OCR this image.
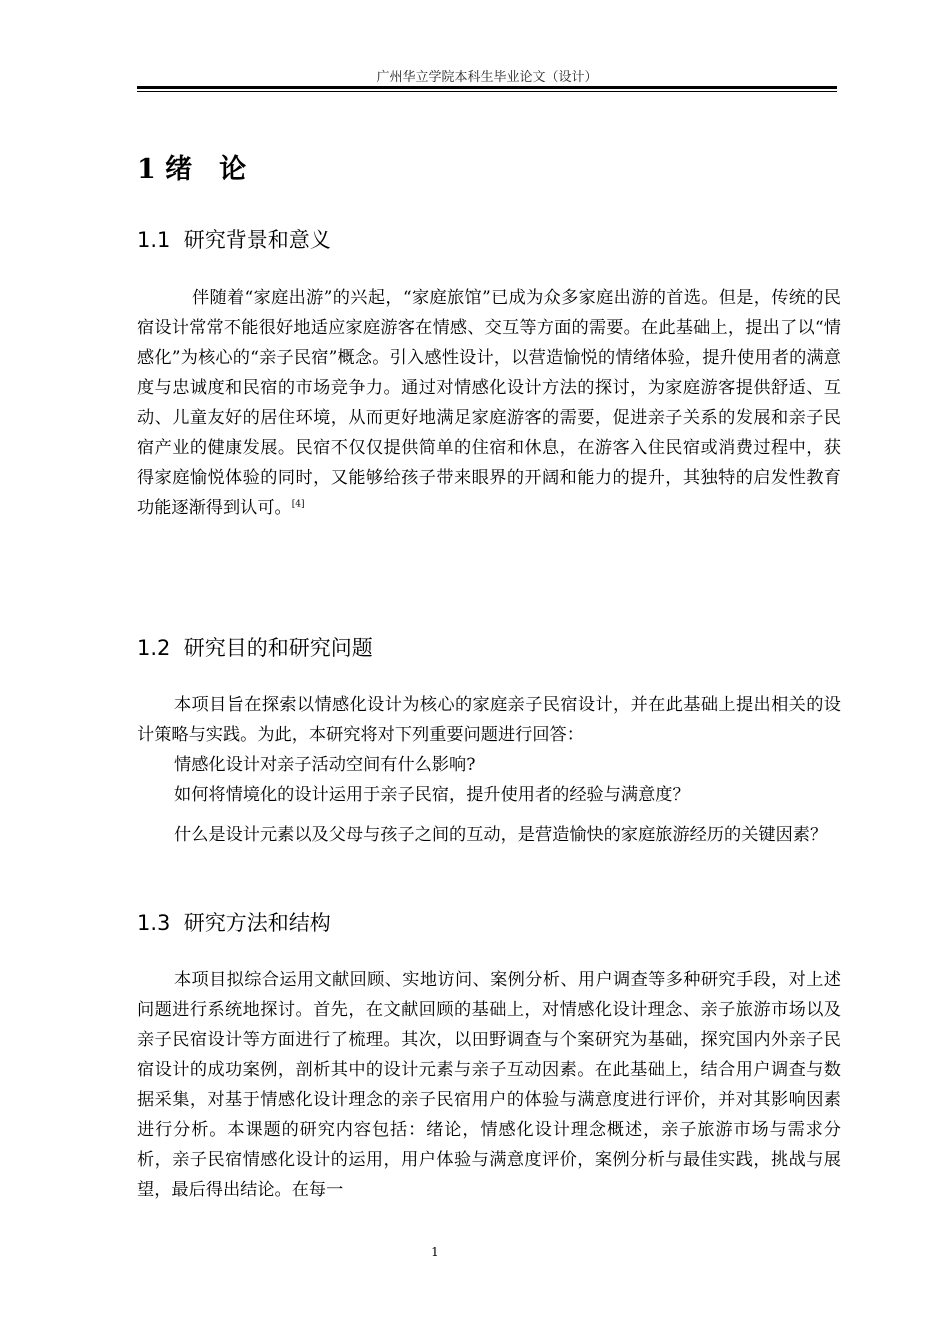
广州华立学院本科生毕业论文（设计）
1 绪　论
1.1  研究背景和意义

伴随着“家庭出游”的兴起，“家庭旅馆”已成为众多家庭出游的首选。但是，传统的民宿设计常常不能很好地适应家庭游客在情感、交互等方面的需要。在此基础上，提出了以“情感化”为核心的“亲子民宿”概念。引入感性设计，以营造愉悦的情绪体验，提升使用者的满意度与忠诚度和民宿的市场竞争力。通过对情感化设计方法的探讨，为家庭游客提供舒适、互动、儿童友好的居住环境，从而更好地满足家庭游客的需要，促进亲子关系的发展和亲子民宿产业的健康发展。民宿不仅仅提供简单的住宿和休息，在游客入住民宿或消费过程中，获得家庭愉悦体验的同时，又能够给孩子带来眼界的开阔和能力的提升，其独特的启发性教育功能逐渐得到认可。[4]

1.2  研究目的和研究问题

本项目旨在探索以情感化设计为核心的家庭亲子民宿设计，并在此基础上提出相关的设计策略与实践。为此，本研究将对下列重要问题进行回答：

情感化设计对亲子活动空间有什么影响?

如何将情境化的设计运用于亲子民宿，提升使用者的经验与满意度？

什么是设计元素以及父母与孩子之间的互动，是营造愉快的家庭旅游经历的关键因素？

1.3  研究方法和结构

本项目拟综合运用文献回顾、实地访问、案例分析、用户调查等多种研究手段，对上述问题进行系统地探讨。首先，在文献回顾的基础上，对情感化设计理念、亲子旅游市场以及亲子民宿设计等方面进行了梳理。其次，以田野调查与个案研究为基础，探究国内外亲子民宿设计的成功案例，剖析其中的设计元素与亲子互动因素。在此基础上，结合用户调查与数据采集，对基于情感化设计理念的亲子民宿用户的体验与满意度进行评价，并对其影响因素进行分析。本课题的研究内容包括：绪论，情感化设计理念概述，亲子旅游市场与需求分析，亲子民宿情感化设计的运用，用户体验与满意度评价，案例分析与最佳实践，挑战与展望，最后得出结论。在每一

1
